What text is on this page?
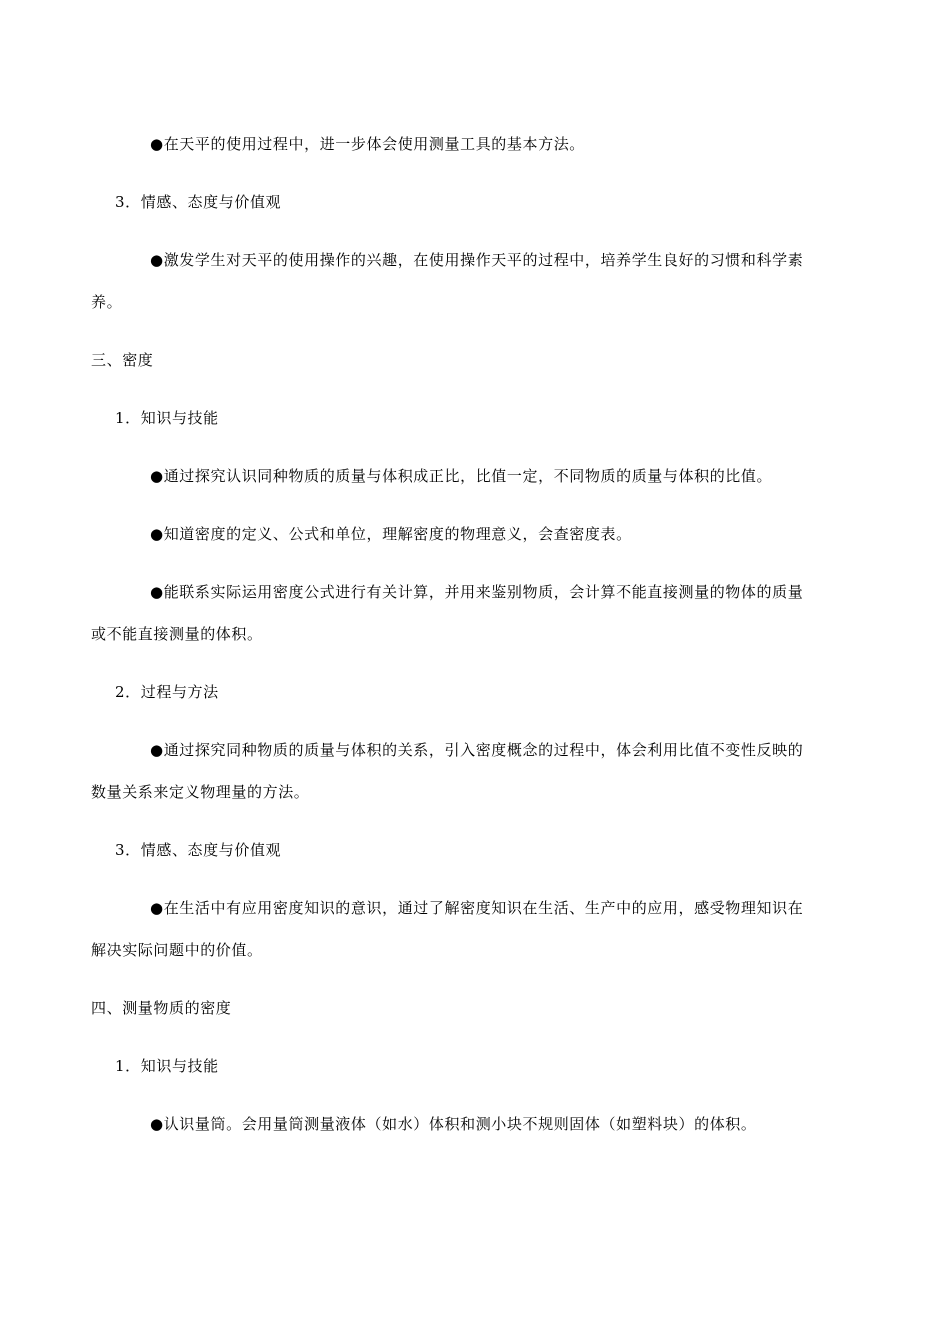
●在天平的使用过程中，进一步体会使用测量工具的基本方法。
3．情感、态度与价值观
●激发学生对天平的使用操作的兴趣，在使用操作天平的过程中，培养学生良好的习惯和科学素
养。
三、密度
1．知识与技能
●通过探究认识同种物质的质量与体积成正比，比值一定，不同物质的质量与体积的比值。
●知道密度的定义、公式和单位，理解密度的物理意义，会查密度表。
●能联系实际运用密度公式进行有关计算，并用来鉴别物质，会计算不能直接测量的物体的质量
或不能直接测量的体积。
2．过程与方法
●通过探究同种物质的质量与体积的关系，引入密度概念的过程中，体会利用比值不变性反映的
数量关系来定义物理量的方法。
3．情感、态度与价值观
●在生活中有应用密度知识的意识，通过了解密度知识在生活、生产中的应用，感受物理知识在
解决实际问题中的价值。
四、测量物质的密度
1．知识与技能
●认识量筒。会用量筒测量液体（如水）体积和测小块不规则固体（如塑料块）的体积。
